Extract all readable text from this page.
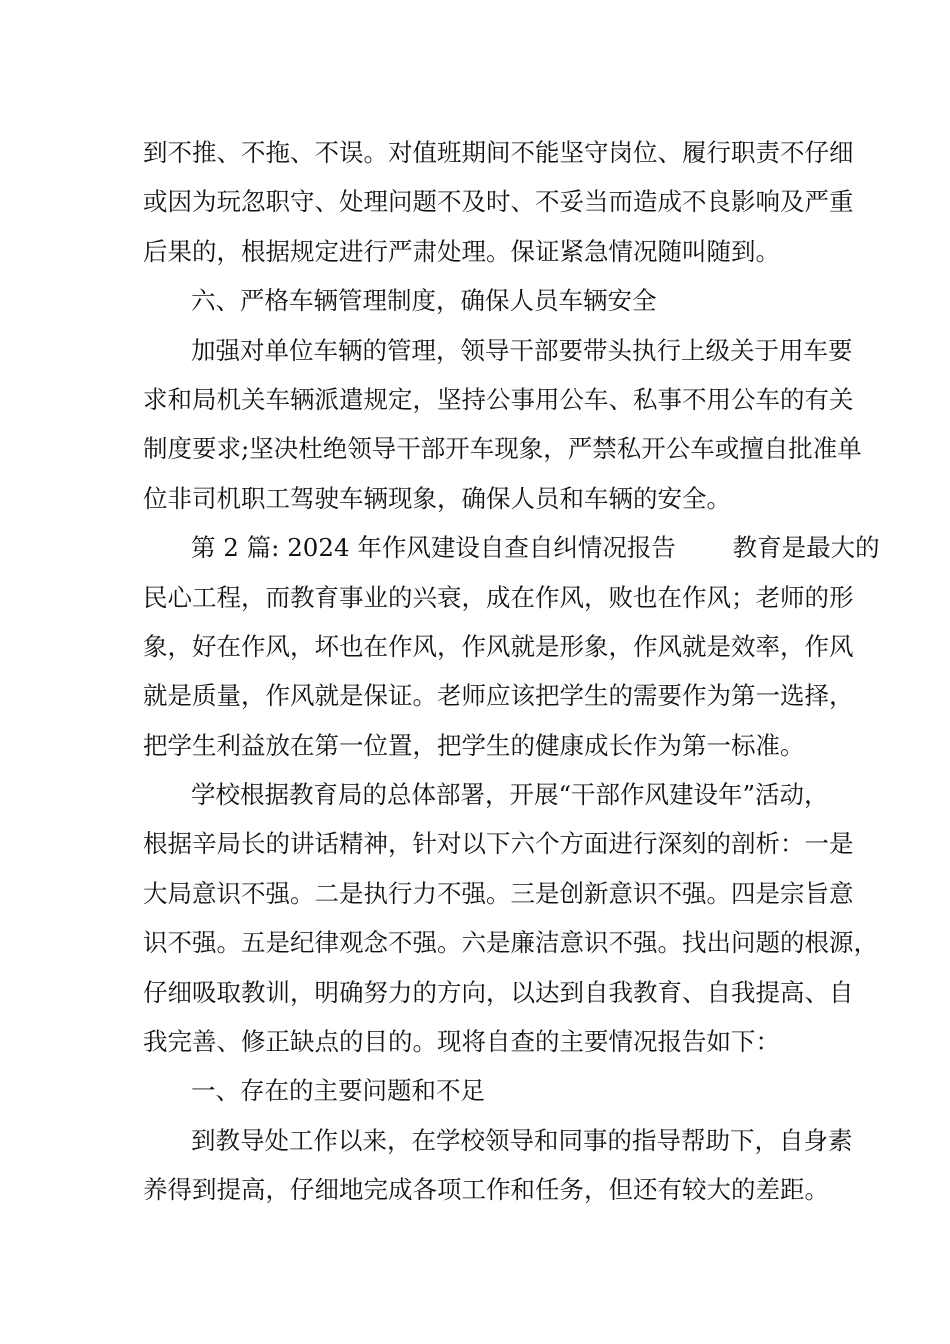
到不推、不拖、不误。对值班期间不能坚守岗位、履行职责不仔细
或因为玩忽职守、处理问题不及时、不妥当而造成不良影响及严重
后果的，根据规定进行严肃处理。保证紧急情况随叫随到。
六、严格车辆管理制度，确保人员车辆安全
加强对单位车辆的管理，领导干部要带头执行上级关于用车要
求和局机关车辆派遣规定，坚持公事用公车、私事不用公车的有关
制度要求;坚决杜绝领导干部开车现象，严禁私开公车或擅自批准单
位非司机职工驾驶车辆现象，确保人员和车辆的安全。
第 2 篇: 2024 年作风建设自查自纠情况报告　　 教育是最大的
民心工程，而教育事业的兴衰，成在作风，败也在作风；老师的形
象，好在作风，坏也在作风，作风就是形象，作风就是效率，作风
就是质量，作风就是保证。老师应该把学生的需要作为第一选择，
把学生利益放在第一位置，把学生的健康成长作为第一标准。
学校根据教育局的总体部署，开展“干部作风建设年”活动，
根据辛局长的讲话精神，针对以下六个方面进行深刻的剖析：一是
大局意识不强。二是执行力不强。三是创新意识不强。四是宗旨意
识不强。五是纪律观念不强。六是廉洁意识不强。找出问题的根源，
仔细吸取教训，明确努力的方向，以达到自我教育、自我提高、自
我完善、修正缺点的目的。现将自查的主要情况报告如下：
一、存在的主要问题和不足
到教导处工作以来，在学校领导和同事的指导帮助下，自身素
养得到提高，仔细地完成各项工作和任务，但还有较大的差距。
